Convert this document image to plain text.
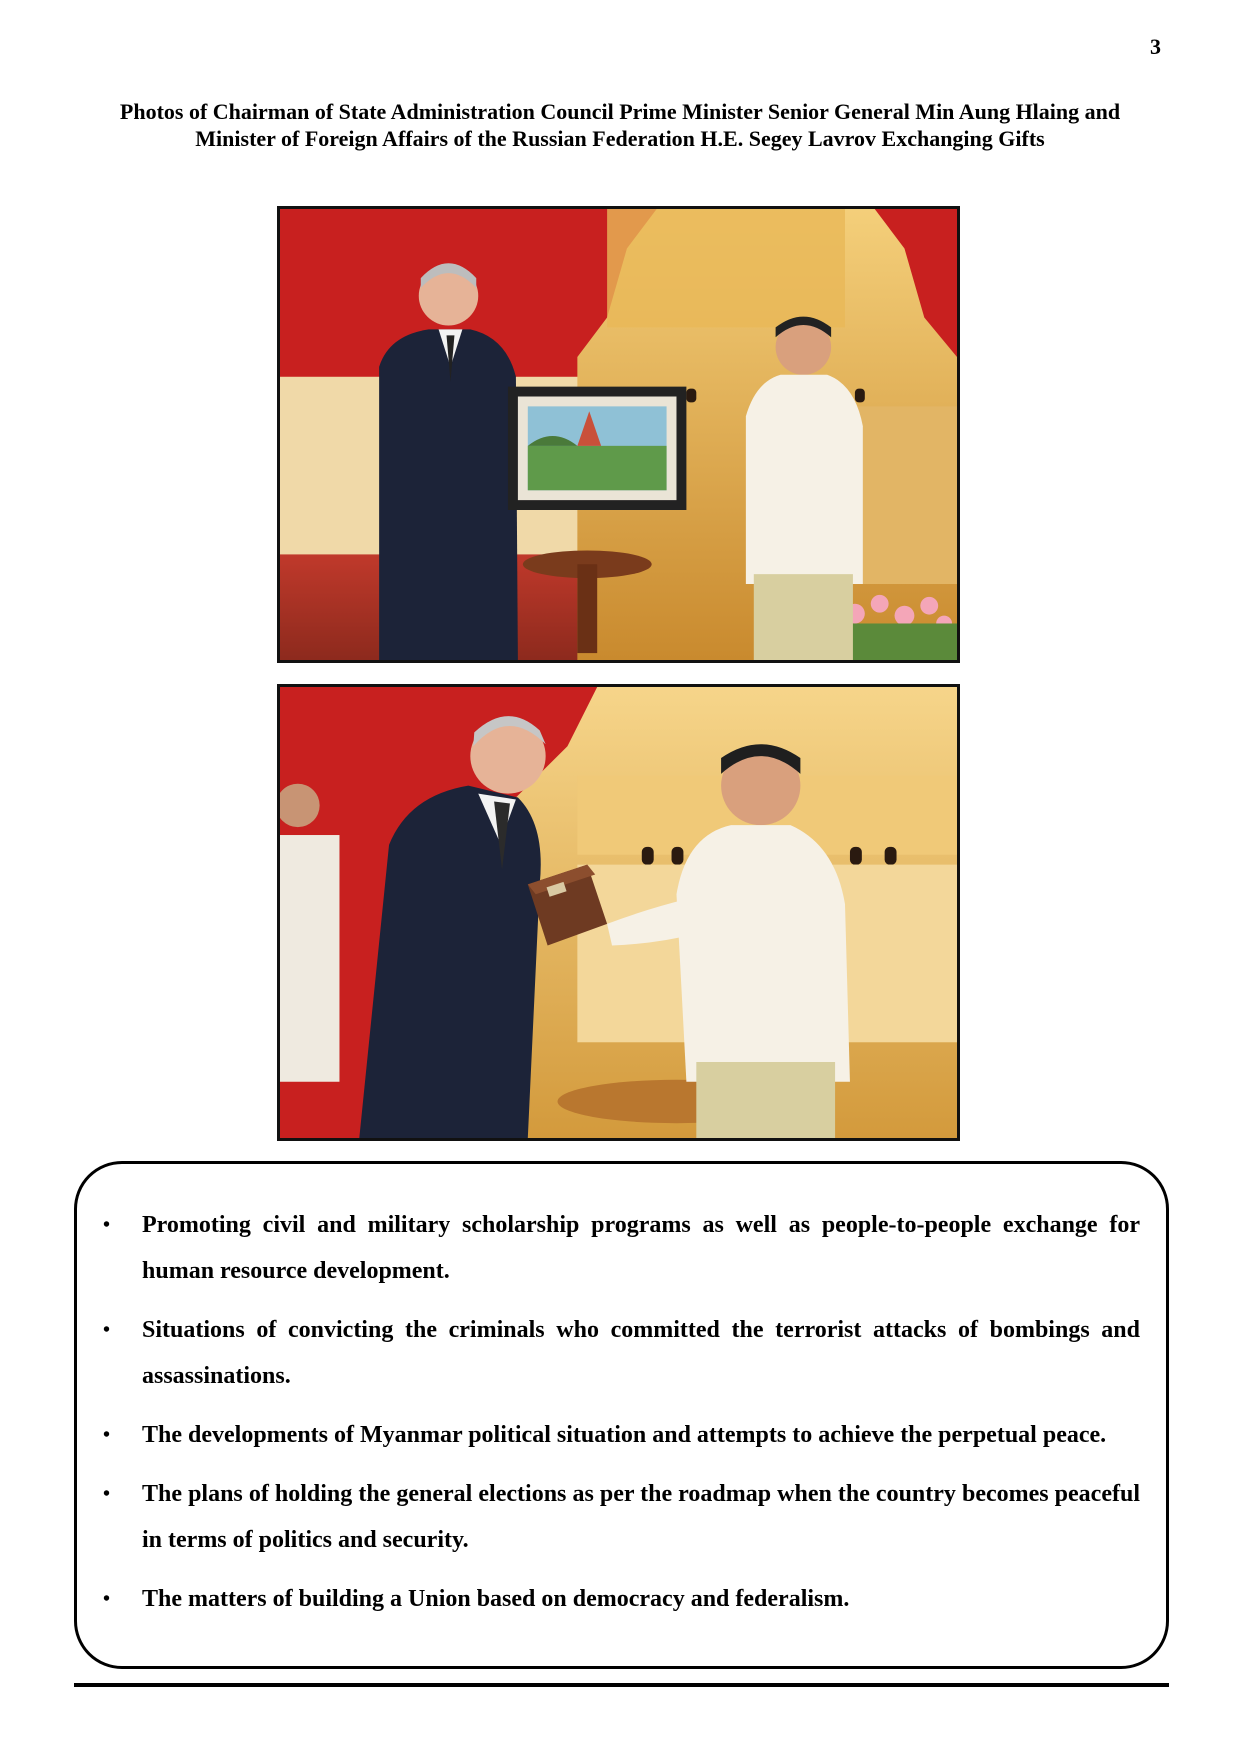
3
Photos of Chairman of State Administration Council Prime Minister Senior General Min Aung Hlaing and Minister of Foreign Affairs of the Russian Federation H.E. Segey Lavrov Exchanging Gifts
• Promoting civil and military scholarship programs as well as people-to-people exchange for human resource development.
• Situations of convicting the criminals who committed the terrorist attacks of bombings and assassinations.
• The developments of Myanmar political situation and attempts to achieve the perpetual peace.
• The plans of holding the general elections as per the roadmap when the country becomes peaceful in terms of politics and security.
• The matters of building a Union based on democracy and federalism.
